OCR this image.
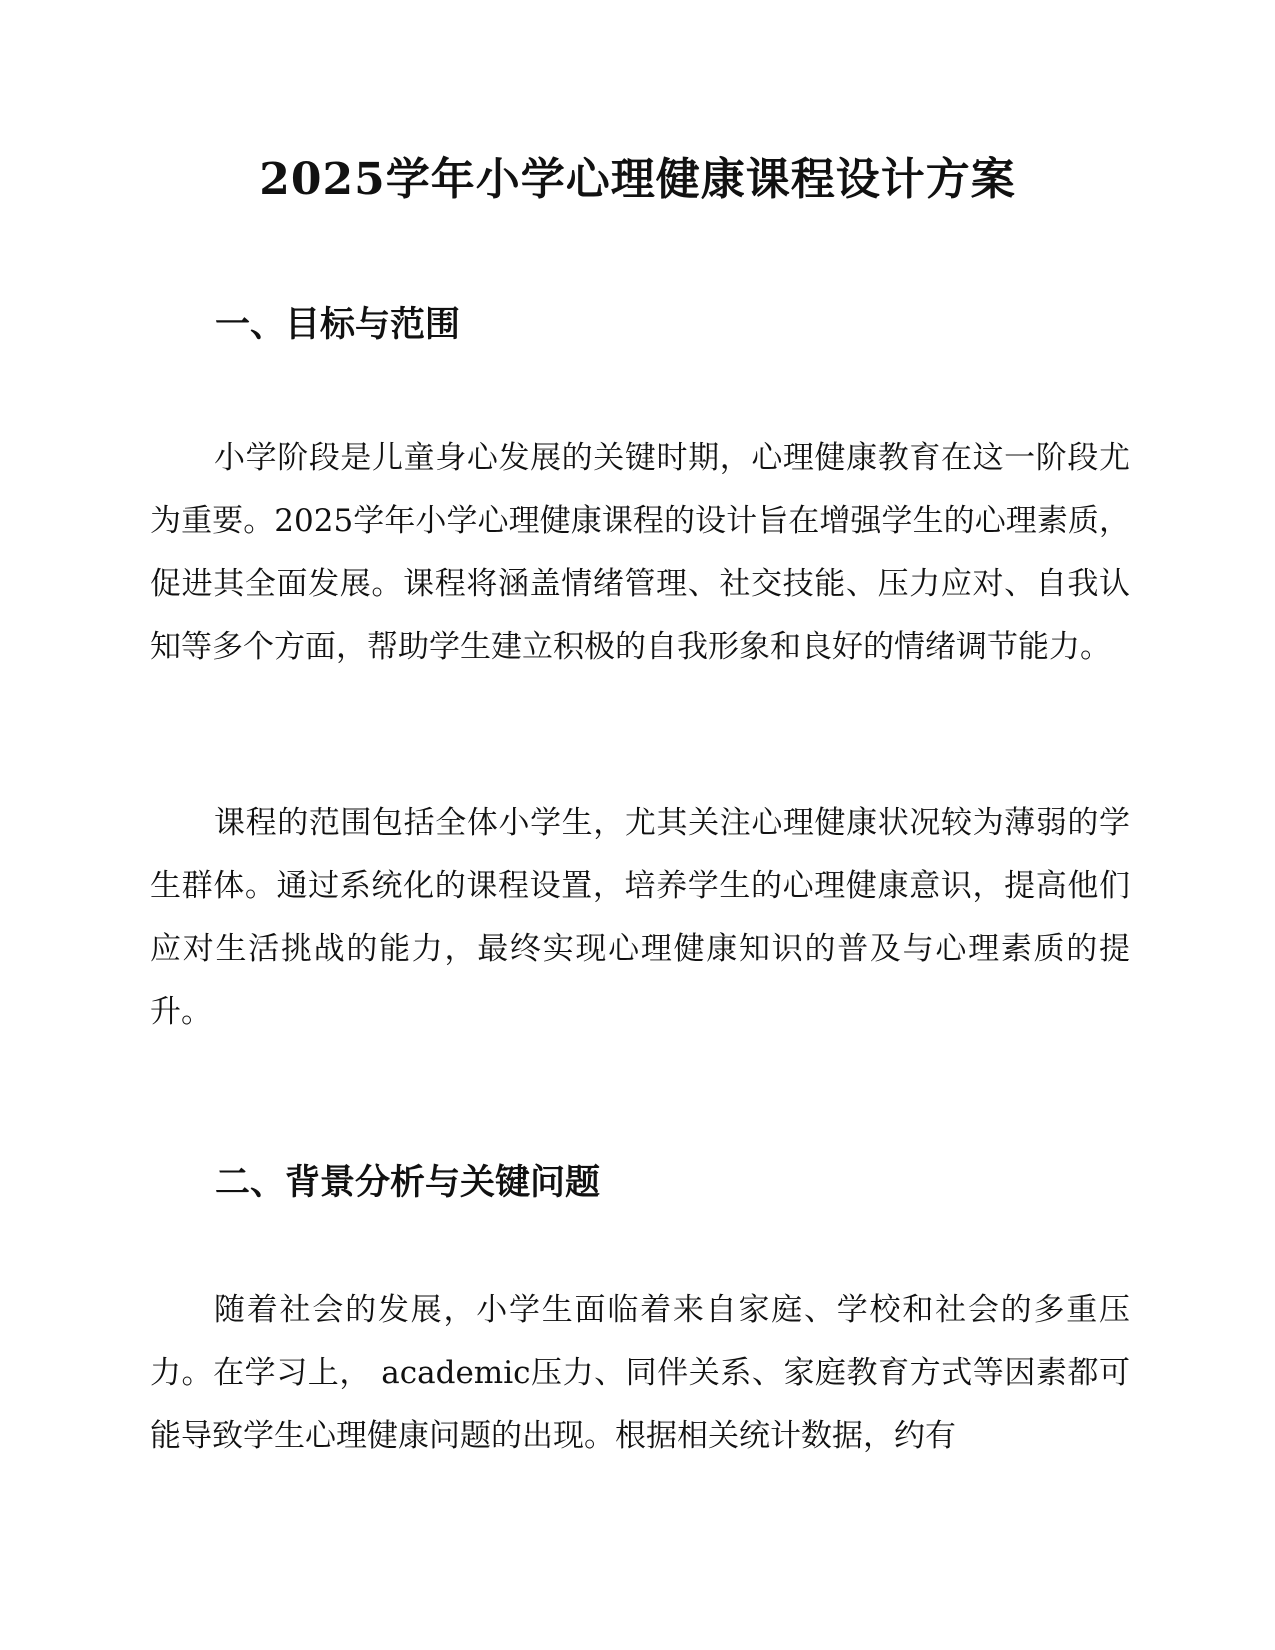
2025学年小学心理健康课程设计方案
一、目标与范围

小学阶段是儿童身心发展的关键时期，心理健康教育在这一阶段尤为重要。2025学年小学心理健康课程的设计旨在增强学生的心理素质，促进其全面发展。课程将涵盖情绪管理、社交技能、压力应对、自我认知等多个方面，帮助学生建立积极的自我形象和良好的情绪调节能力。

课程的范围包括全体小学生，尤其关注心理健康状况较为薄弱的学生群体。通过系统化的课程设置，培养学生的心理健康意识，提高他们应对生活挑战的能力，最终实现心理健康知识的普及与心理素质的提升。

二、背景分析与关键问题

随着社会的发展，小学生面临着来自家庭、学校和社会的多重压力。在学习上， academic压力、同伴关系、家庭教育方式等因素都可能导致学生心理健康问题的出现。根据相关统计数据，约有
